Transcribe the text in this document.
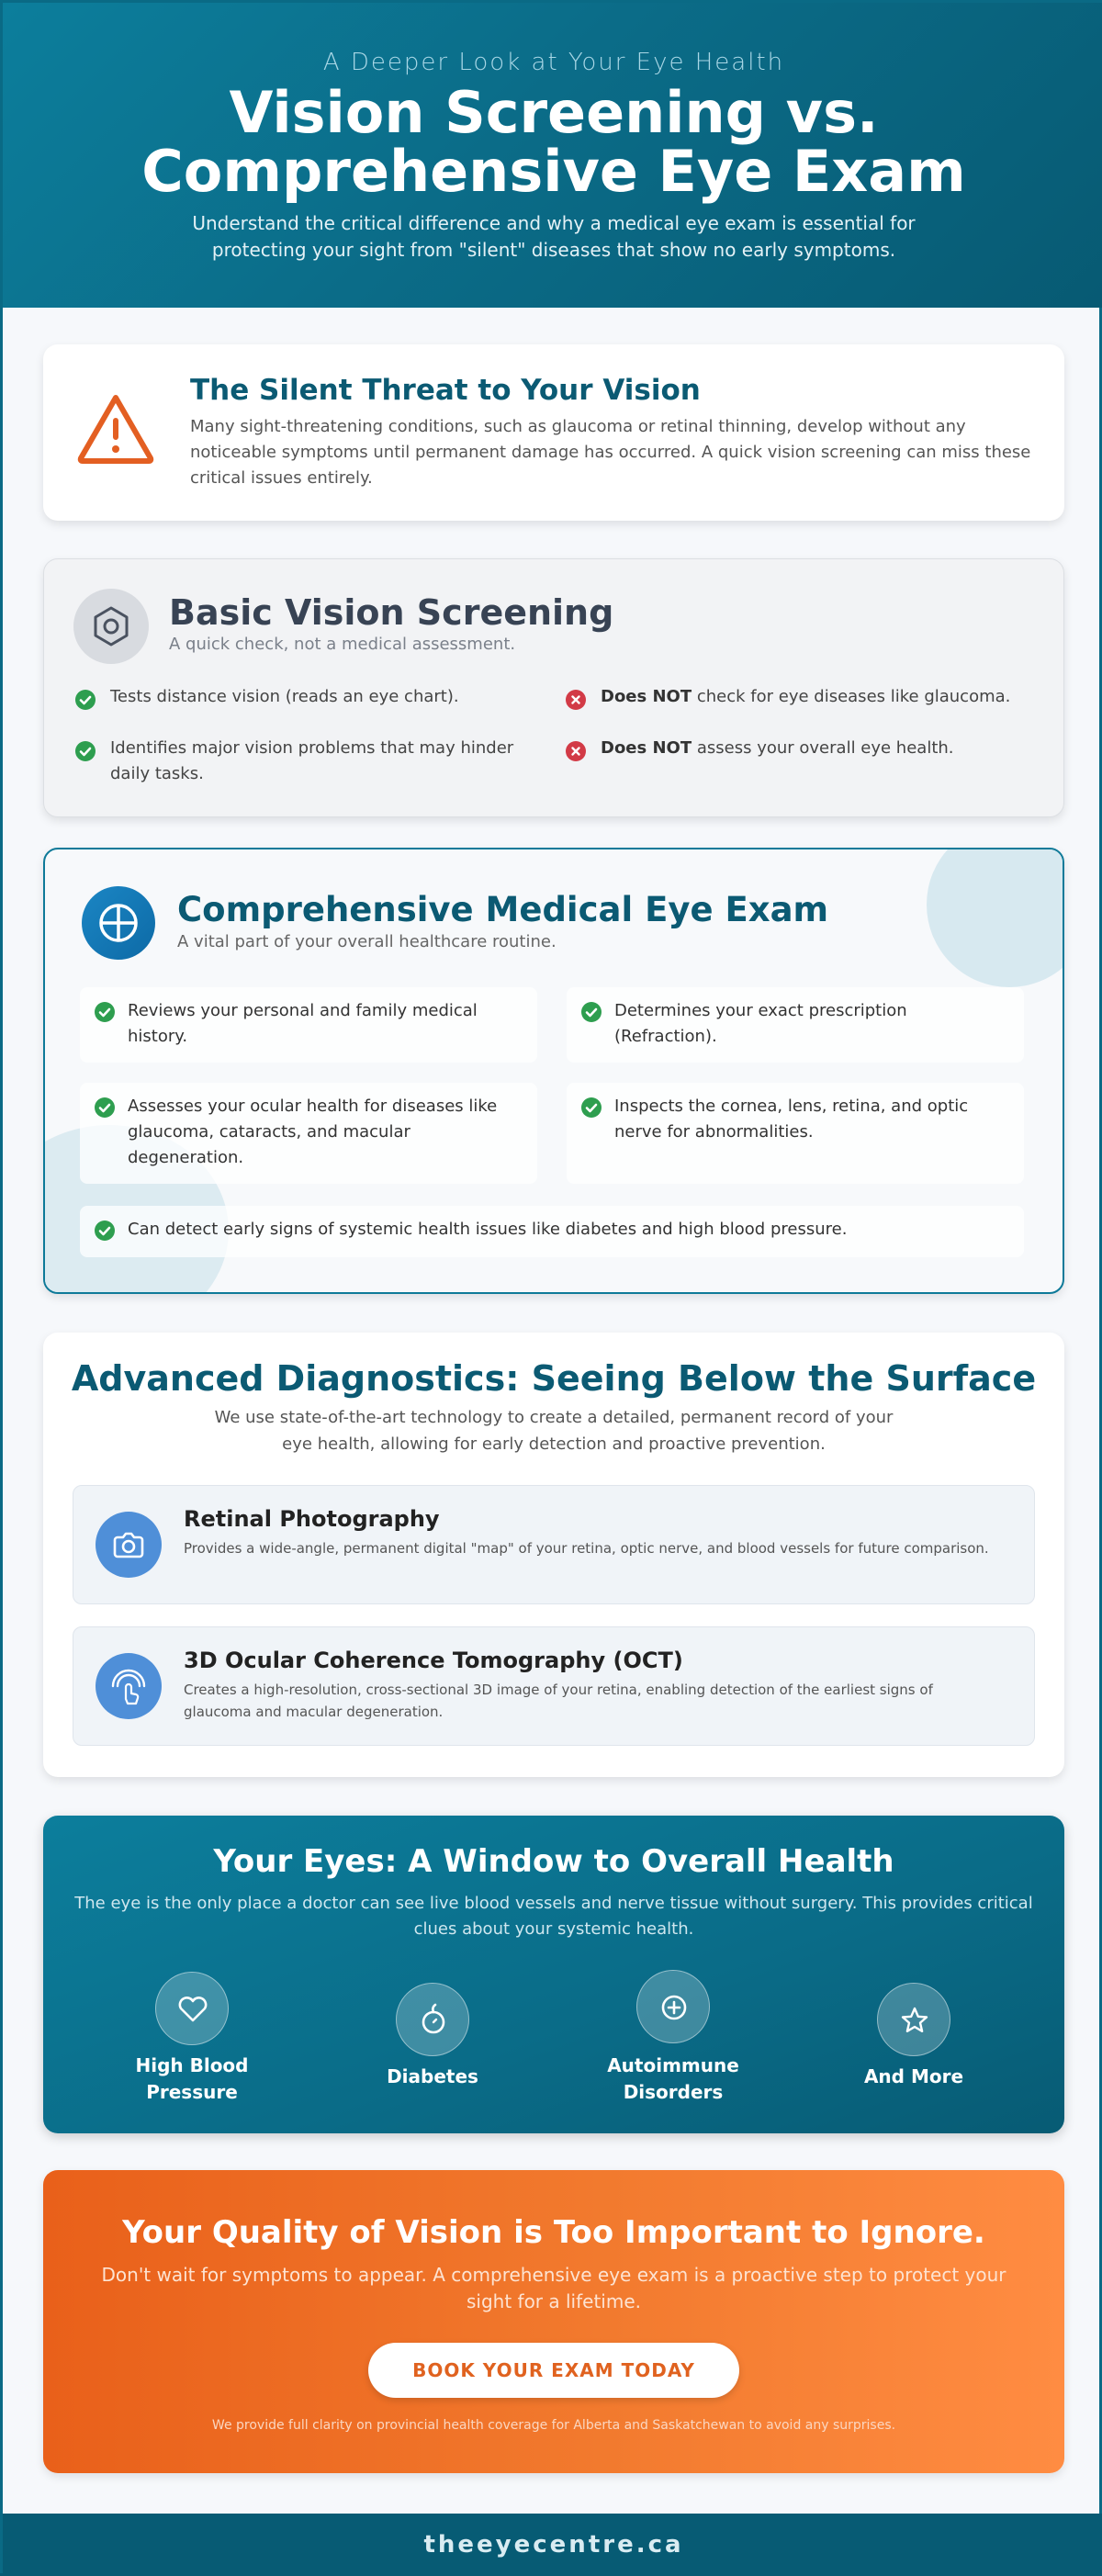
A Deeper Look at Your Eye Health
Vision Screening vs.
Comprehensive Eye Exam
Understand the critical difference and why a medical eye exam is essential for protecting your sight from "silent" diseases that show no early symptoms.
The Silent Threat to Your Vision

Many sight-threatening conditions, such as glaucoma or retinal thinning, develop without any noticeable symptoms until permanent damage has occurred. A quick vision screening can miss these critical issues entirely.

Basic Vision Screening
A quick check, not a medical assessment.
Tests distance vision (reads an eye chart).
Identifies major vision problems that may hinder daily tasks.
Does NOT check for eye diseases like glaucoma.
Does NOT assess your overall eye health.
Comprehensive Medical Eye Exam
A vital part of your overall healthcare routine.
Reviews your personal and family medical history.
Determines your exact prescription (Refraction).
Assesses your ocular health for diseases like glaucoma, cataracts, and macular degeneration.
Inspects the cornea, lens, retina, and optic nerve for abnormalities.
Can detect early signs of systemic health issues like diabetes and high blood pressure.
Advanced Diagnostics: Seeing Below the Surface
We use state-of-the-art technology to create a detailed, permanent record of your eye health, allowing for early detection and proactive prevention.
Retinal Photography

Provides a wide-angle, permanent digital "map" of your retina, optic nerve, and blood vessels for future comparison.

3D Ocular Coherence Tomography (OCT)

Creates a high-resolution, cross-sectional 3D image of your retina, enabling detection of the earliest signs of glaucoma and macular degeneration.

Your Eyes: A Window to Overall Health
The eye is the only place a doctor can see live blood vessels and nerve tissue without surgery. This provides critical clues about your systemic health.
High Blood Pressure
Diabetes	Autoimmune Disorders
And More
Your Quality of Vision is Too Important to Ignore.
Don't wait for symptoms to appear. A comprehensive eye exam is a proactive step to protect your sight for a lifetime.
BOOK YOUR EXAM TODAY
We provide full clarity on provincial health coverage for Alberta and Saskatchewan to avoid any surprises.
theeyecentre.ca
